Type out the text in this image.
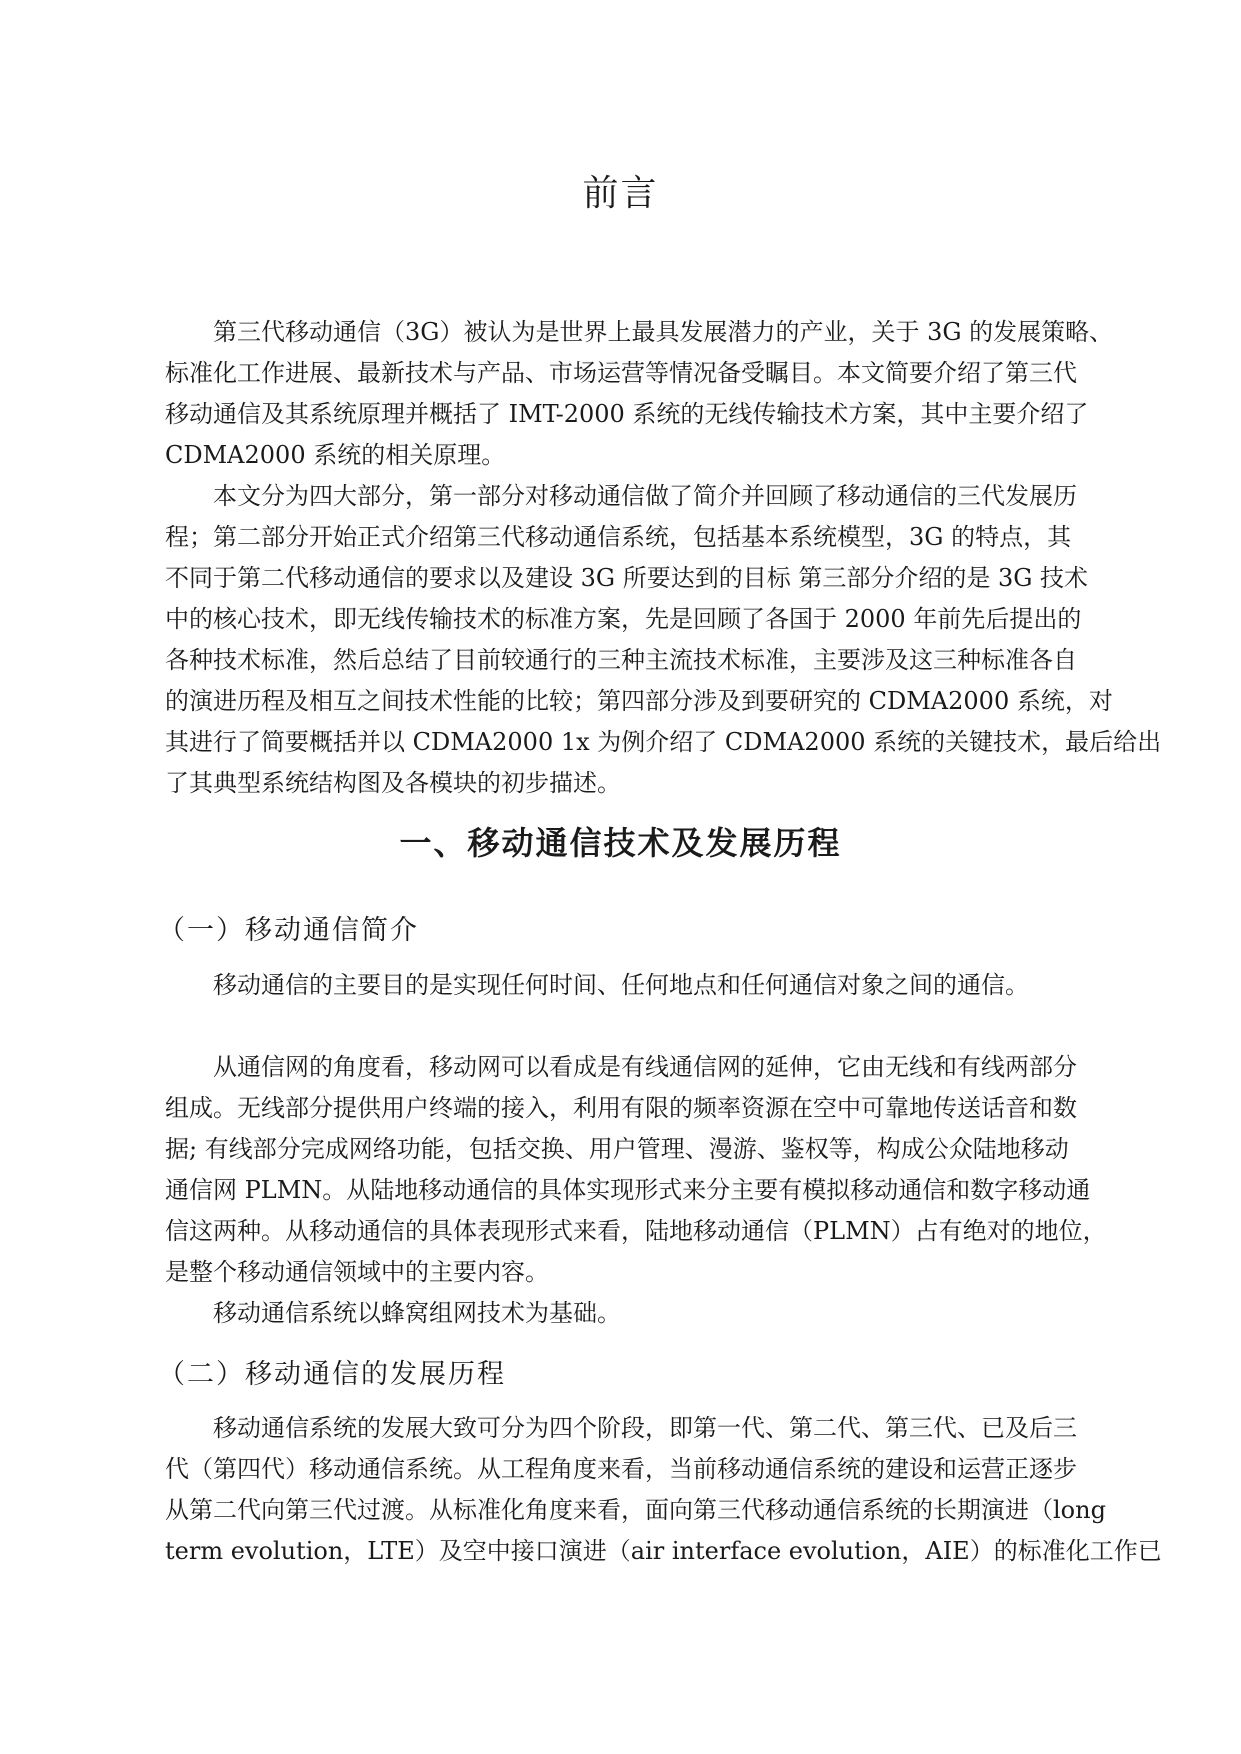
前言

第三代移动通信（3G）被认为是世界上最具发展潜力的产业，关于 3G 的发展策略、
标准化工作进展、最新技术与产品、市场运营等情况备受瞩目。本文简要介绍了第三代
移动通信及其系统原理并概括了 IMT-2000 系统的无线传输技术方案，其中主要介绍了
CDMA2000 系统的相关原理。

本文分为四大部分，第一部分对移动通信做了简介并回顾了移动通信的三代发展历
程；第二部分开始正式介绍第三代移动通信系统，包括基本系统模型，3G 的特点，其
不同于第二代移动通信的要求以及建设 3G 所要达到的目标 第三部分介绍的是 3G 技术
中的核心技术，即无线传输技术的标准方案，先是回顾了各国于 2000 年前先后提出的
各种技术标准，然后总结了目前较通行的三种主流技术标准，主要涉及这三种标准各自
的演进历程及相互之间技术性能的比较；第四部分涉及到要研究的 CDMA2000 系统，对
其进行了简要概括并以 CDMA2000 1x 为例介绍了 CDMA2000 系统的关键技术，最后给出
了其典型系统结构图及各模块的初步描述。

一、移动通信技术及发展历程
（一）移动通信简介

移动通信的主要目的是实现任何时间、任何地点和任何通信对象之间的通信。

从通信网的角度看，移动网可以看成是有线通信网的延伸，它由无线和有线两部分
组成。无线部分提供用户终端的接入，利用有限的频率资源在空中可靠地传送话音和数
据; 有线部分完成网络功能，包括交换、用户管理、漫游、鉴权等，构成公众陆地移动
通信网 PLMN。从陆地移动通信的具体实现形式来分主要有模拟移动通信和数字移动通
信这两种。从移动通信的具体表现形式来看，陆地移动通信（PLMN）占有绝对的地位，
是整个移动通信领域中的主要内容。

移动通信系统以蜂窝组网技术为基础。

（二）移动通信的发展历程

移动通信系统的发展大致可分为四个阶段，即第一代、第二代、第三代、已及后三
代（第四代）移动通信系统。从工程角度来看，当前移动通信系统的建设和运营正逐步
从第二代向第三代过渡。从标准化角度来看，面向第三代移动通信系统的长期演进（long
term evolution，LTE）及空中接口演进（air interface evolution，AIE）的标准化工作已
